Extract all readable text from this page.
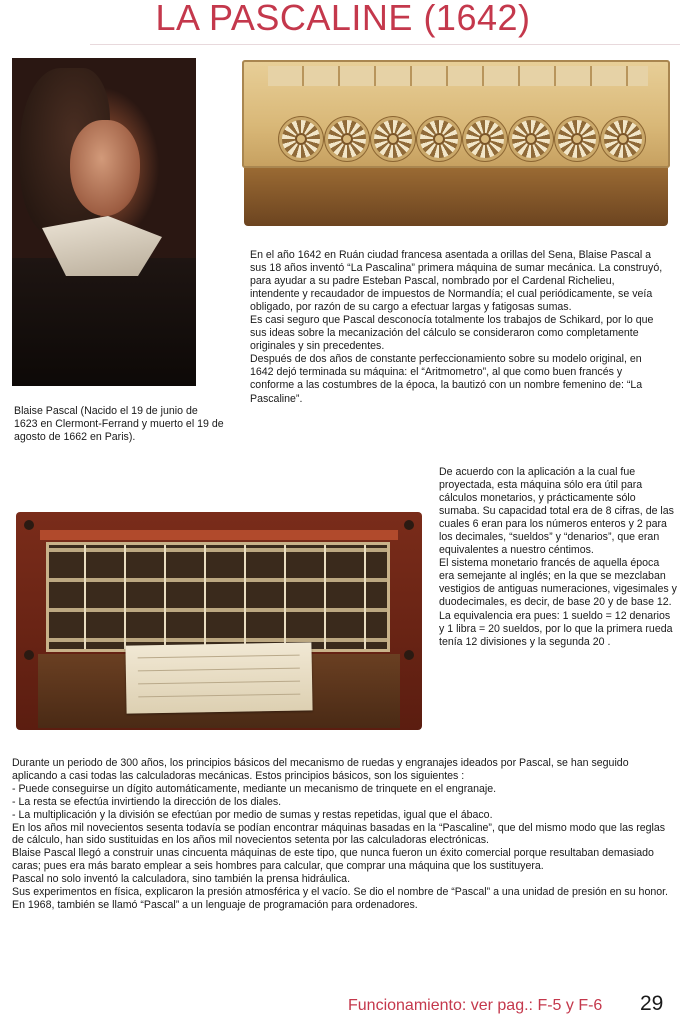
LA PASCALINE (1642)

Blaise Pascal (Nacido el 19 de junio de 1623 en Clermont-Ferrand y muerto el 19 de agosto de 1662 en Paris).

En el año 1642 en Ruán ciudad francesa asentada a orillas del Sena, Blaise Pascal a sus 18 años inventó “La Pascalina” primera máquina de sumar mecánica. La construyó, para ayudar a su padre Esteban Pascal, nombrado por el Cardenal Richelieu, intendente y recaudador de impuestos de Normandía; el cual periódicamente, se veía obligado, por razón de su cargo a efectuar largas y fatigosas sumas.

Es casi seguro que Pascal desconocía totalmente los trabajos de Schikard, por lo que sus ideas sobre la mecanización del cálculo se consideraron como completamente originales y sin precedentes.

Después de dos años de constante perfeccionamiento sobre su modelo original, en 1642 dejó terminada su máquina: el “Aritmometro”, al que como buen francés y conforme a las costumbres de la época, la bautizó con un nombre femenino de: “La Pascaline”.

De acuerdo con la aplicación a la cual fue proyectada, esta máquina sólo era útil para cálculos monetarios, y prácticamente sólo sumaba. Su capacidad total era de 8 cifras, de las cuales 6 eran para los números enteros y 2 para los decimales, “sueldos” y “denarios”, que eran equivalentes a nuestro céntimos.

El sistema monetario francés de aquella época era semejante al inglés; en la que se mezclaban vestigios de antiguas numeraciones, vigesimales y duodecimales, es decir, de base 20 y de base 12. La equivalencia era pues: 1 sueldo = 12 denarios y 1 libra = 20 sueldos, por lo que la primera rueda tenía 12 divisiones y la segunda 20 .

Durante un periodo de 300 años, los principios básicos del mecanismo de ruedas y engranajes ideados por Pascal, se han seguido aplicando a casi todas las calculadoras mecánicas. Estos principios básicos, son los siguientes :

- Puede conseguirse un dígito automáticamente, mediante un mecanismo de trinquete en el engranaje.

- La resta se efectúa invirtiendo la dirección de los diales.

- La multiplicación y la división se efectúan por medio de sumas y restas repetidas, igual que el ábaco.

En los años mil novecientos sesenta todavía se podían encontrar máquinas basadas en la “Pascaline”, que del mismo modo que las reglas de cálculo, han sido sustituidas en los años mil novecientos setenta por las calculadoras electrónicas.

Blaise Pascal llegó a construir unas cincuenta máquinas de este tipo, que nunca fueron un éxito comercial porque resultaban demasiado caras; pues era más barato emplear a seis hombres para calcular, que comprar una máquina que los sustituyera.

Pascal no solo inventó la calculadora, sino también la prensa hidráulica.

Sus experimentos en física, explicaron la presión atmosférica y el vacío. Se dio el nombre de “Pascal” a una unidad de presión en su honor. En 1968, también se llamó “Pascal” a un lenguaje de programación para ordenadores.

Funcionamiento: ver pag.: F-5 y F-6 29
